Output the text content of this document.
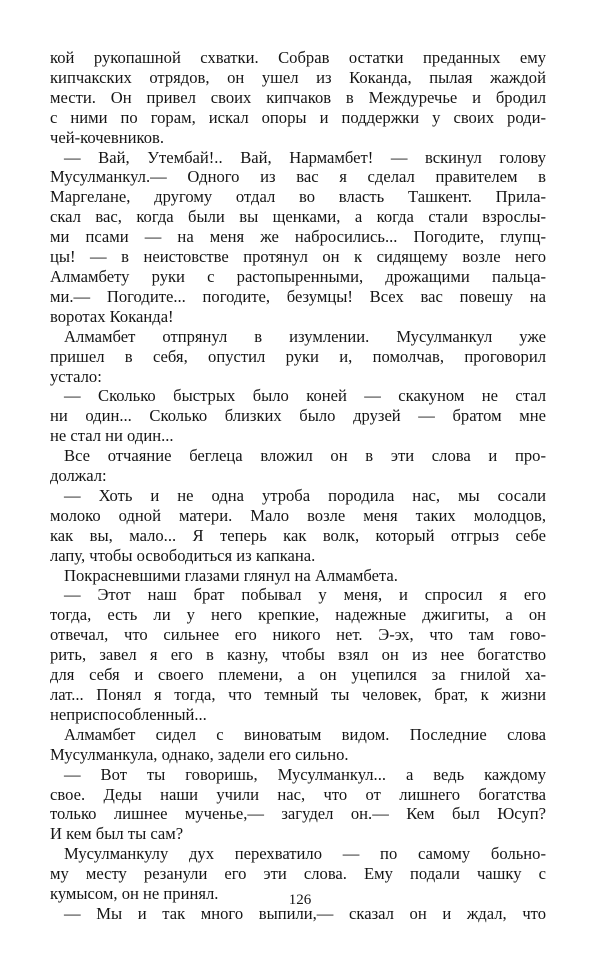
кой рукопашной схватки. Собрав остатки преданных ему
кипчакских отрядов, он ушел из Коканда, пылая жаждой
мести. Он привел своих кипчаков в Междуречье и бродил
с ними по горам, искал опоры и поддержки у своих роди-
чей-кочевников.
— Вай, Утембай!.. Вай, Нармамбет! — вскинул голову
Мусулманкул.— Одного из вас я сделал правителем в
Маргелане, другому отдал во власть Ташкент. Прила-
скал вас, когда были вы щенками, а когда стали взрослы-
ми псами — на меня же набросились... Погодите, глупц-
цы! — в неистовстве протянул он к сидящему возле него
Алмамбету руки с растопыренными, дрожащими пальца-
ми.— Погодите... погодите, безумцы! Всех вас повешу на
воротах Коканда!
Алмамбет отпрянул в изумлении. Мусулманкул уже
пришел в себя, опустил руки и, помолчав, проговорил
устало:
— Сколько быстрых было коней — скакуном не стал
ни один... Сколько близких было друзей — братом мне
не стал ни один...
Все отчаяние беглеца вложил он в эти слова и про-
должал:
— Хоть и не одна утроба породила нас, мы сосали
молоко одной матери. Мало возле меня таких молодцов,
как вы, мало... Я теперь как волк, который отгрыз себе
лапу, чтобы освободиться из капкана.
Покрасневшими глазами глянул на Алмамбета.
— Этот наш брат побывал у меня, и спросил я его
тогда, есть ли у него крепкие, надежные джигиты, а он
отвечал, что сильнее его никого нет. Э-эх, что там гово-
рить, завел я его в казну, чтобы взял он из нее богатство
для себя и своего племени, а он уцепился за гнилой ха-
лат... Понял я тогда, что темный ты человек, брат, к жизни
неприспособленный...
Алмамбет сидел с виноватым видом. Последние слова
Мусулманкула, однако, задели его сильно.
— Вот ты говоришь, Мусулманкул... а ведь каждому
свое. Деды наши учили нас, что от лишнего богатства
только лишнее мученье,— загудел он.— Кем был Юсуп?
И кем был ты сам?
Мусулманкулу дух перехватило — по самому больно-
му месту резанули его эти слова. Ему подали чашку с
кумысом, он не принял.
— Мы и так много выпили,— сказал он и ждал, что
126
